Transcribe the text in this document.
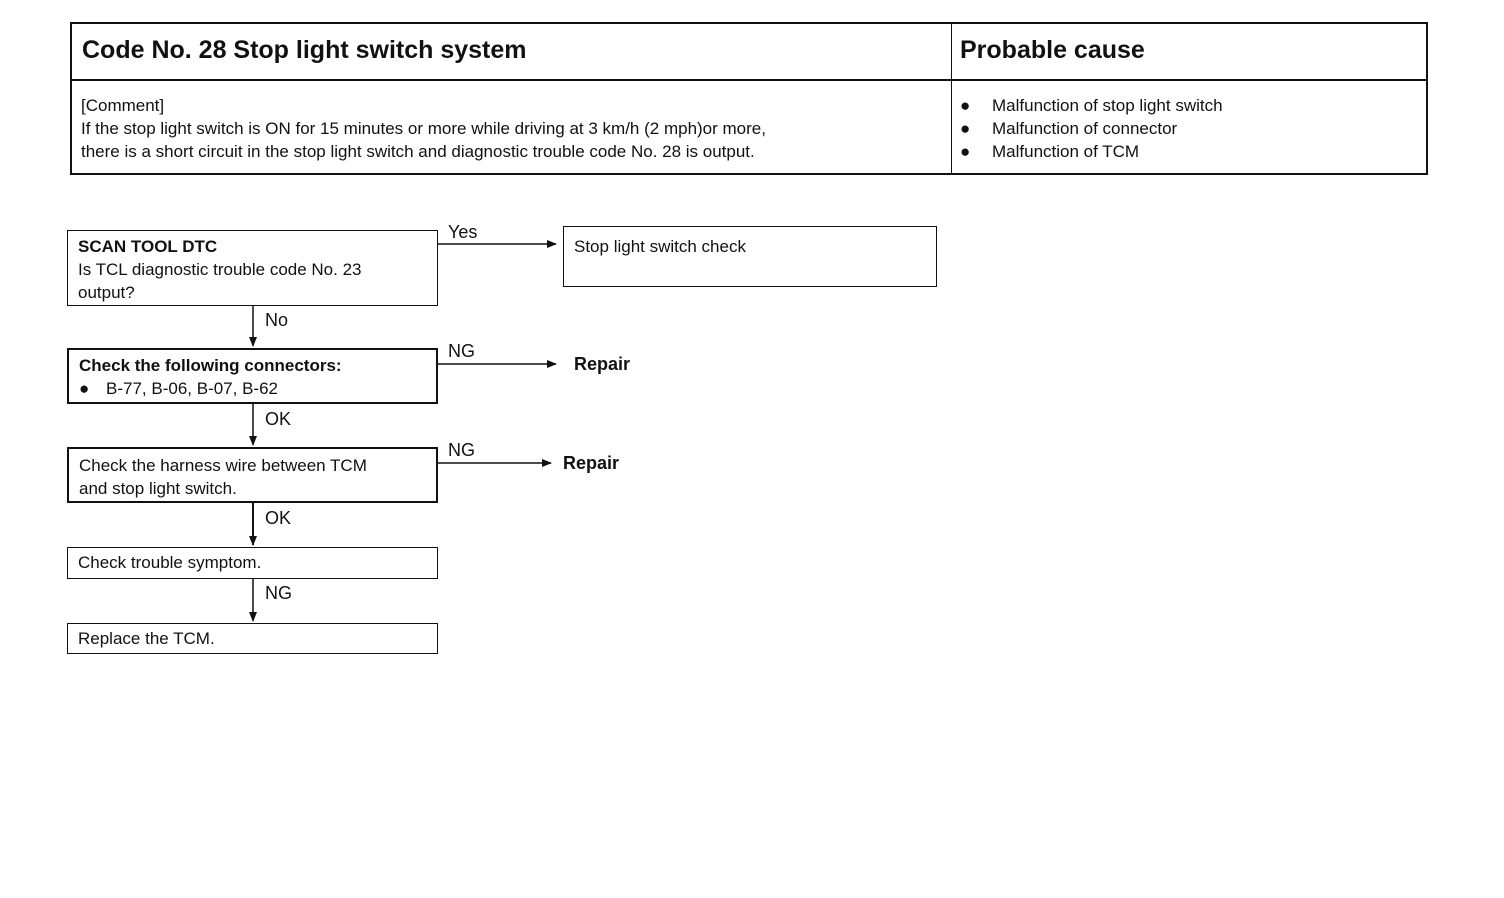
Code No. 28 Stop light switch system	Probable cause
[Comment]
If the stop light switch is ON for 15 minutes or more while driving at 3 km/h (2 mph)or more,
there is a short circuit in the stop light switch and diagnostic trouble code No. 28 is output.
● Malfunction of stop light switch
● Malfunction of connector
● Malfunction of TCM
SCAN TOOL DTC
Is TCL diagnostic trouble code No. 23
output?
Yes
Stop light switch check
No
Check the following connectors:
● B-77, B-06, B-07, B-62
NG
Repair
OK
Check the harness wire between TCM
and stop light switch.
NG
Repair
OK
Check trouble symptom.
NG
Replace the TCM.
